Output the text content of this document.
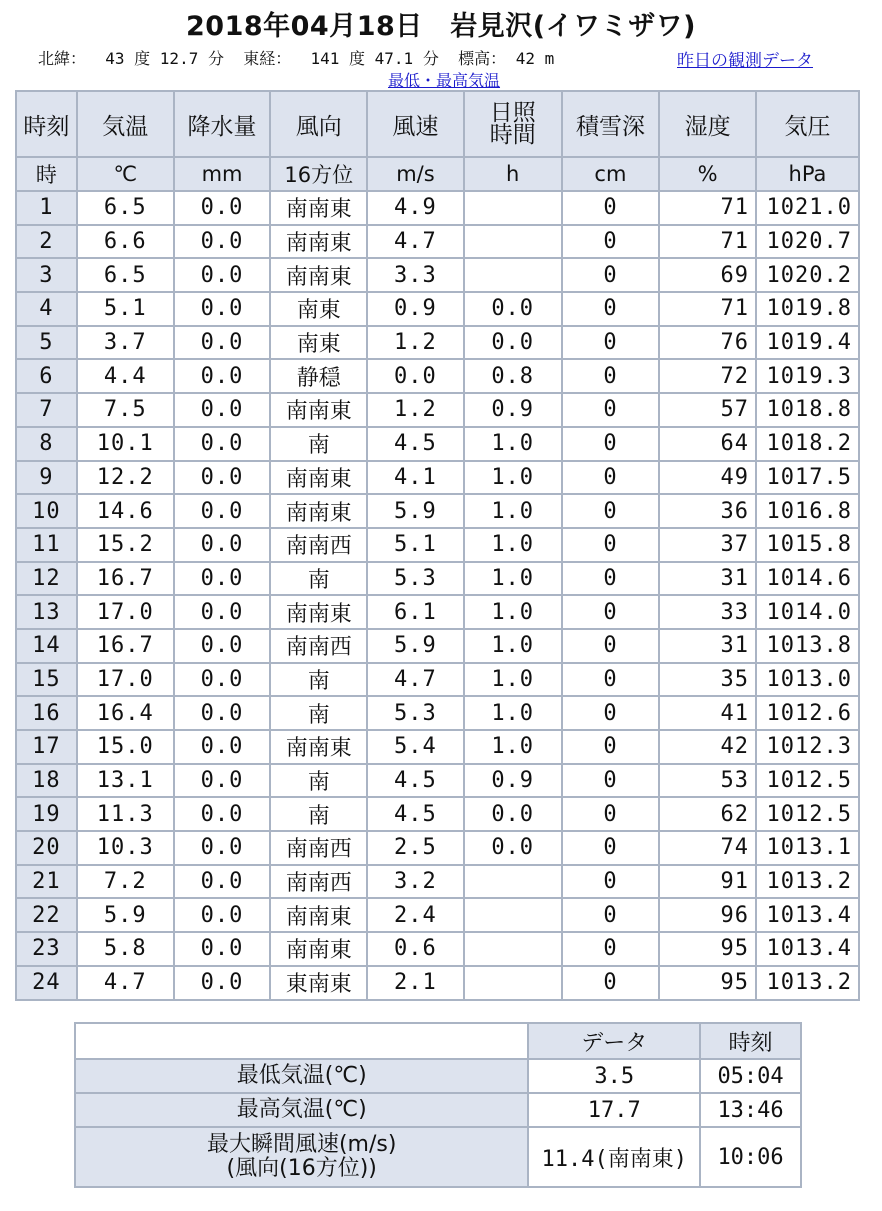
2018年04月18日　岩見沢(イワミザワ)
北緯：  43 度 12.7 分  東経：  141 度 47.1 分  標高： 42 m	昨日の観測データ
最低・最高気温
時刻	気温	降水量	風向	風速	日照時間	積雪深	湿度	気圧
時	℃	mm	16方位	m/s	h	cm	%	hPa
1	6.5	0.0	南南東	4.9		0	71	1021.0
2	6.6	0.0	南南東	4.7		0	71	1020.7
3	6.5	0.0	南南東	3.3		0	69	1020.2
4	5.1	0.0	南東	0.9	0.0	0	71	1019.8
5	3.7	0.0	南東	1.2	0.0	0	76	1019.4
6	4.4	0.0	静穏	0.0	0.8	0	72	1019.3
7	7.5	0.0	南南東	1.2	0.9	0	57	1018.8
8	10.1	0.0	南	4.5	1.0	0	64	1018.2
9	12.2	0.0	南南東	4.1	1.0	0	49	1017.5
10	14.6	0.0	南南東	5.9	1.0	0	36	1016.8
11	15.2	0.0	南南西	5.1	1.0	0	37	1015.8
12	16.7	0.0	南	5.3	1.0	0	31	1014.6
13	17.0	0.0	南南東	6.1	1.0	0	33	1014.0
14	16.7	0.0	南南西	5.9	1.0	0	31	1013.8
15	17.0	0.0	南	4.7	1.0	0	35	1013.0
16	16.4	0.0	南	5.3	1.0	0	41	1012.6
17	15.0	0.0	南南東	5.4	1.0	0	42	1012.3
18	13.1	0.0	南	4.5	0.9	0	53	1012.5
19	11.3	0.0	南	4.5	0.0	0	62	1012.5
20	10.3	0.0	南南西	2.5	0.0	0	74	1013.1
21	7.2	0.0	南南西	3.2		0	91	1013.2
22	5.9	0.0	南南東	2.4		0	96	1013.4
23	5.8	0.0	南南東	0.6		0	95	1013.4
24	4.7	0.0	東南東	2.1		0	95	1013.2
	データ	時刻
最低気温(℃)	3.5	05:04
最高気温(℃)	17.7	13:46

最大瞬間風速(m/s)
(風向(16方位))	11.4(南南東)	10:06
